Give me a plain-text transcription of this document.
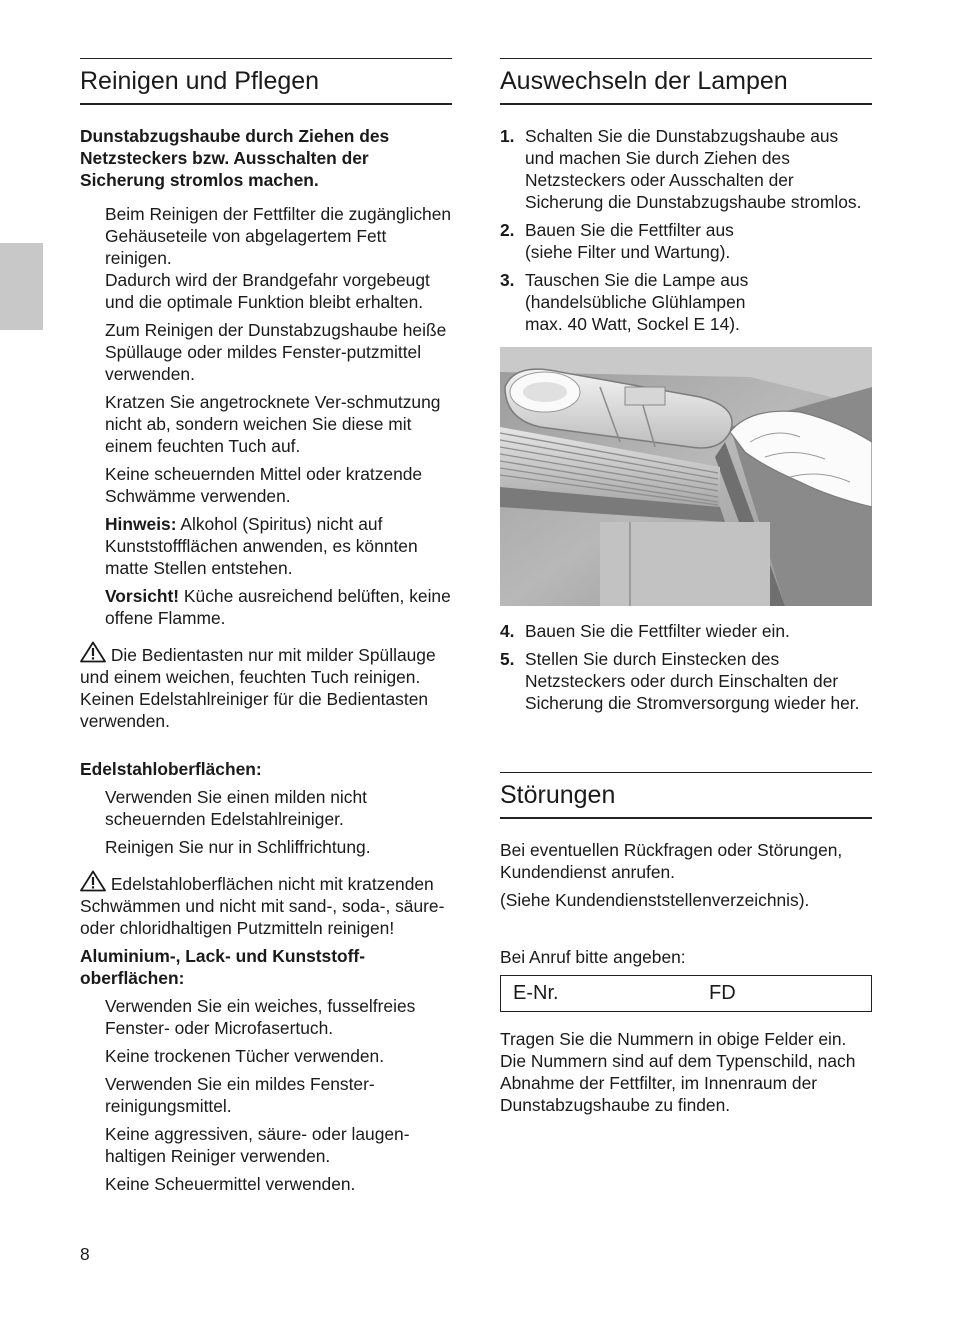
Reinigen und Pflegen

Dunstabzugshaube durch Ziehen des Netzsteckers bzw. Ausschalten der Sicherung stromlos machen.

Beim Reinigen der Fettfilter die zugänglichen Gehäuseteile von abgelagertem Fett reinigen.
Dadurch wird der Brandgefahr vorgebeugt und die optimale Funktion bleibt erhalten.

Zum Reinigen der Dunstabzugshaube heiße Spüllauge oder mildes Fenster-putzmittel verwenden.

Kratzen Sie angetrocknete Ver-schmutzung nicht ab, sondern weichen Sie diese mit einem feuchten Tuch auf.

Keine scheuernden Mittel oder kratzende Schwämme verwenden.

Hinweis: Alkohol (Spiritus) nicht auf Kunststoffflächen anwenden, es könnten matte Stellen entstehen.

Vorsicht! Küche ausreichend belüften, keine offene Flamme.

Die Bedientasten nur mit milder Spüllauge und einem weichen, feuchten Tuch reinigen.
Keinen Edelstahlreiniger für die Bedientasten verwenden.

Edelstahloberflächen:

Verwenden Sie einen milden nicht scheuernden Edelstahlreiniger.

Reinigen Sie nur in Schliffrichtung.

Edelstahloberflächen nicht mit kratzenden Schwämmen und nicht mit sand-, soda-, säure- oder chloridhaltigen Putzmitteln reinigen!

Aluminium-, Lack- und Kunststoff-
oberflächen:

Verwenden Sie ein weiches, fusselfreies Fenster- oder Microfasertuch.

Keine trockenen Tücher verwenden.

Verwenden Sie ein mildes Fenster-reinigungsmittel.

Keine aggressiven, säure- oder laugen-haltigen Reiniger verwenden.

Keine Scheuermittel verwenden.

Auswechseln der Lampen
1. Schalten Sie die Dunstabzugshaube aus und machen Sie durch Ziehen des Netzsteckers oder Ausschalten der Sicherung die Dunstabzugshaube stromlos.
2. Bauen Sie die Fettfilter aus
(siehe Filter und Wartung).
3. Tauschen Sie die Lampe aus
(handelsübliche Glühlampen
max. 40 Watt, Sockel E 14).
4. Bauen Sie die Fettfilter wieder ein.
5. Stellen Sie durch Einstecken des Netzsteckers oder durch Einschalten der Sicherung die Stromversorgung wieder her.
Störungen

Bei eventuellen Rückfragen oder Störungen, Kundendienst anrufen.

(Siehe Kundendienststellenverzeichnis).

Bei Anruf bitte angeben:

E-Nr.	FD

Tragen Sie die Nummern in obige Felder ein. Die Nummern sind auf dem Typenschild, nach Abnahme der Fettfilter, im Innenraum der Dunstabzugshaube zu finden.

8
